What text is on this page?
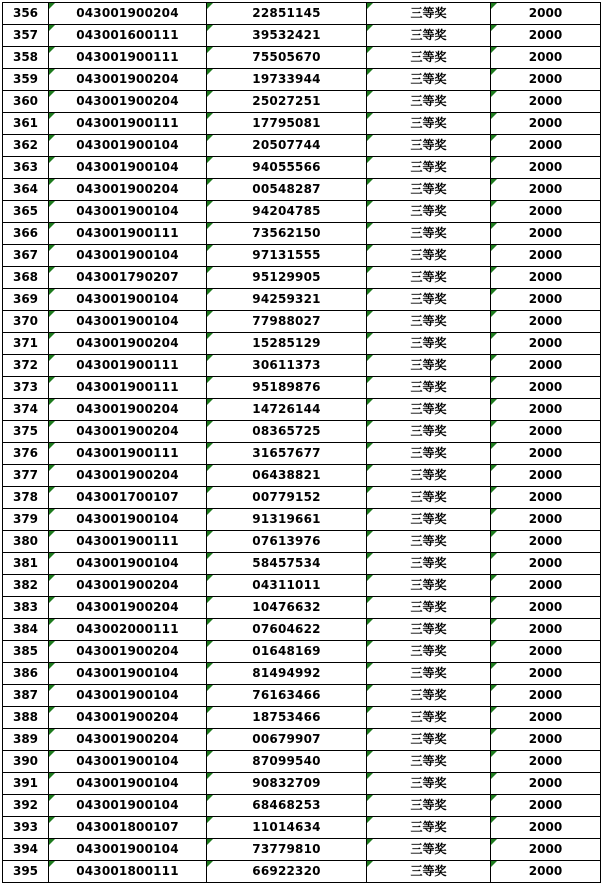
356	043001900204	22851145	三等奖	2000
357	043001600111	39532421	三等奖	2000
358	043001900111	75505670	三等奖	2000
359	043001900204	19733944	三等奖	2000
360	043001900204	25027251	三等奖	2000
361	043001900111	17795081	三等奖	2000
362	043001900104	20507744	三等奖	2000
363	043001900104	94055566	三等奖	2000
364	043001900204	00548287	三等奖	2000
365	043001900104	94204785	三等奖	2000
366	043001900111	73562150	三等奖	2000
367	043001900104	97131555	三等奖	2000
368	043001790207	95129905	三等奖	2000
369	043001900104	94259321	三等奖	2000
370	043001900104	77988027	三等奖	2000
371	043001900204	15285129	三等奖	2000
372	043001900111	30611373	三等奖	2000
373	043001900111	95189876	三等奖	2000
374	043001900204	14726144	三等奖	2000
375	043001900204	08365725	三等奖	2000
376	043001900111	31657677	三等奖	2000
377	043001900204	06438821	三等奖	2000
378	043001700107	00779152	三等奖	2000
379	043001900104	91319661	三等奖	2000
380	043001900111	07613976	三等奖	2000
381	043001900104	58457534	三等奖	2000
382	043001900204	04311011	三等奖	2000
383	043001900204	10476632	三等奖	2000
384	043002000111	07604622	三等奖	2000
385	043001900204	01648169	三等奖	2000
386	043001900104	81494992	三等奖	2000
387	043001900104	76163466	三等奖	2000
388	043001900204	18753466	三等奖	2000
389	043001900204	00679907	三等奖	2000
390	043001900104	87099540	三等奖	2000
391	043001900104	90832709	三等奖	2000
392	043001900104	68468253	三等奖	2000
393	043001800107	11014634	三等奖	2000
394	043001900104	73779810	三等奖	2000
395	043001800111	66922320	三等奖	2000
